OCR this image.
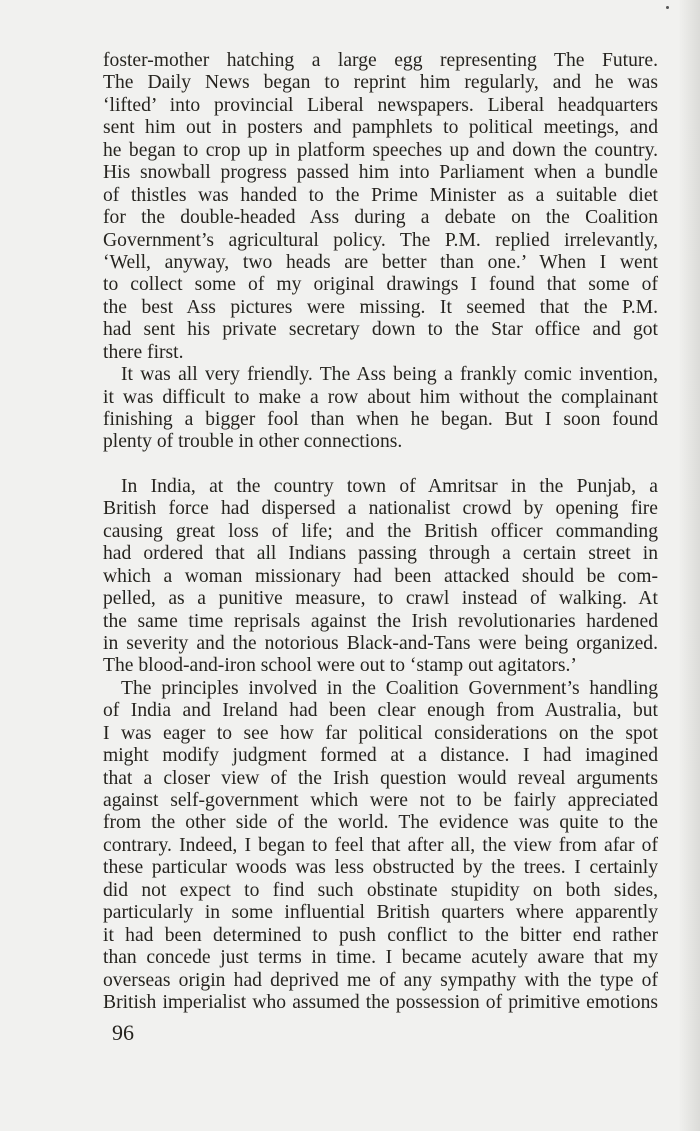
foster-mother hatching a large egg representing The Future.
The Daily News began to reprint him regularly, and he was
‘lifted’ into provincial Liberal newspapers. Liberal headquarters
sent him out in posters and pamphlets to political meetings, and
he began to crop up in platform speeches up and down the country.
His snowball progress passed him into Parliament when a bundle
of thistles was handed to the Prime Minister as a suitable diet
for the double-headed Ass during a debate on the Coalition
Government’s agricultural policy. The P.M. replied irrelevantly,
‘Well, anyway, two heads are better than one.’ When I went
to collect some of my original drawings I found that some of
the best Ass pictures were missing. It seemed that the P.M.
had sent his private secretary down to the Star office and got
there first.
It was all very friendly. The Ass being a frankly comic invention,
it was difficult to make a row about him without the complainant
finishing a bigger fool than when he began. But I soon found
plenty of trouble in other connections.
In India, at the country town of Amritsar in the Punjab, a
British force had dispersed a nationalist crowd by opening fire
causing great loss of life; and the British officer commanding
had ordered that all Indians passing through a certain street in
which a woman missionary had been attacked should be com-
pelled, as a punitive measure, to crawl instead of walking. At
the same time reprisals against the Irish revolutionaries hardened
in severity and the notorious Black-and-Tans were being organized.
The blood-and-iron school were out to ‘stamp out agitators.’
The principles involved in the Coalition Government’s handling
of India and Ireland had been clear enough from Australia, but
I was eager to see how far political considerations on the spot
might modify judgment formed at a distance. I had imagined
that a closer view of the Irish question would reveal arguments
against self-government which were not to be fairly appreciated
from the other side of the world. The evidence was quite to the
contrary. Indeed, I began to feel that after all, the view from afar of
these particular woods was less obstructed by the trees. I certainly
did not expect to find such obstinate stupidity on both sides,
particularly in some influential British quarters where apparently
it had been determined to push conflict to the bitter end rather
than concede just terms in time. I became acutely aware that my
overseas origin had deprived me of any sympathy with the type of
British imperialist who assumed the possession of primitive emotions
96
